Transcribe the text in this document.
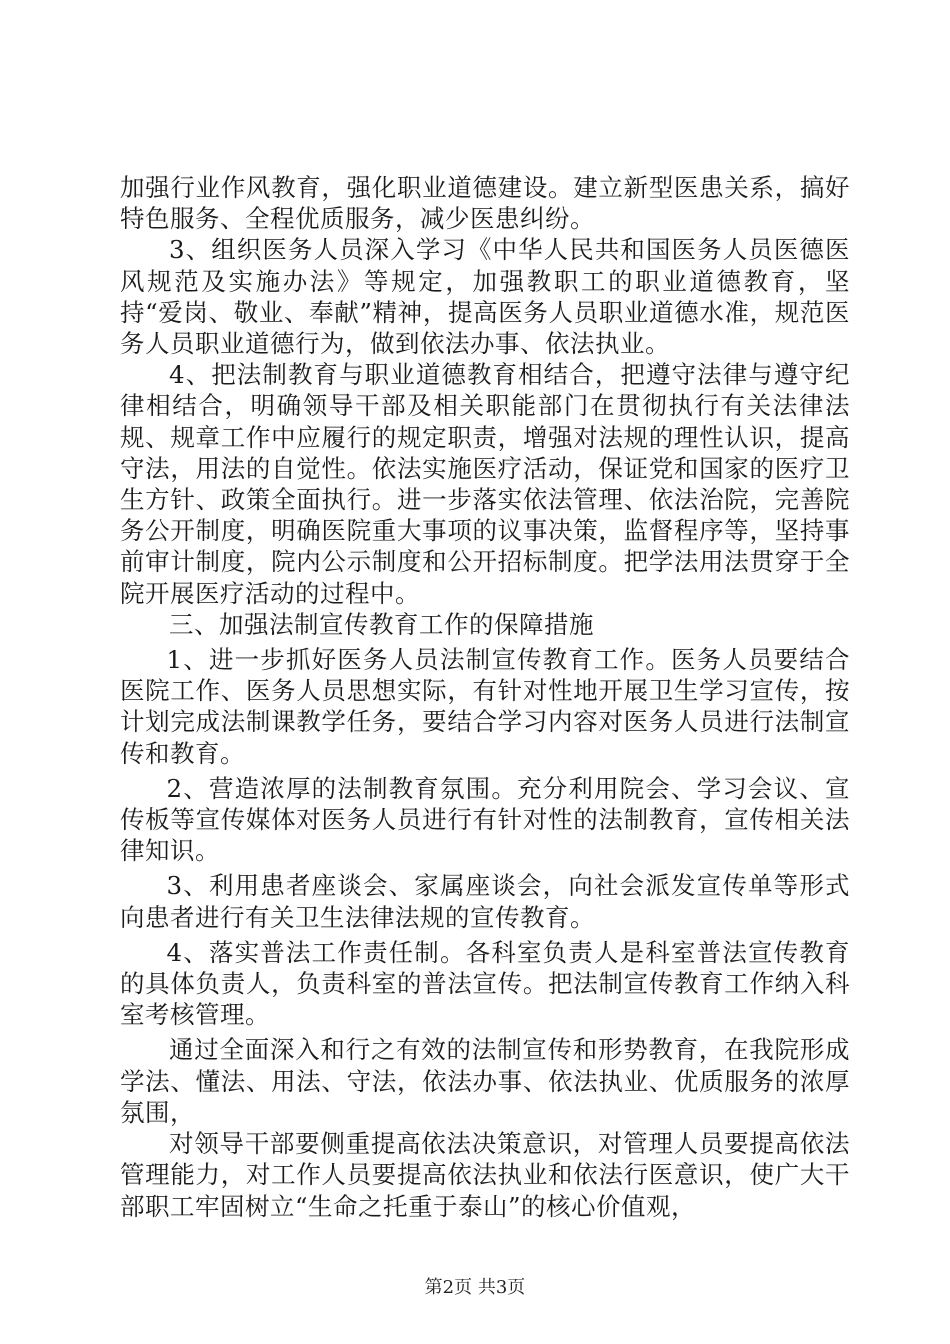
加强行业作风教育，强化职业道德建设。建立新型医患关系，搞好特色服务、全程优质服务，减少医患纠纷。

3、组织医务人员深入学习《中华人民共和国医务人员医德医风规范及实施办法》等规定，加强教职工的职业道德教育，坚持“爱岗、敬业、奉献”精神，提高医务人员职业道德水准，规范医务人员职业道德行为，做到依法办事、依法执业。

4、把法制教育与职业道德教育相结合，把遵守法律与遵守纪律相结合，明确领导干部及相关职能部门在贯彻执行有关法律法规、规章工作中应履行的规定职责，增强对法规的理性认识，提高守法，用法的自觉性。依法实施医疗活动，保证党和国家的医疗卫生方针、政策全面执行。进一步落实依法管理、依法治院，完善院务公开制度，明确医院重大事项的议事决策，监督程序等，坚持事前审计制度，院内公示制度和公开招标制度。把学法用法贯穿于全院开展医疗活动的过程中。

三、加强法制宣传教育工作的保障措施

1、进一步抓好医务人员法制宣传教育工作。医务人员要结合医院工作、医务人员思想实际，有针对性地开展卫生学习宣传，按计划完成法制课教学任务，要结合学习内容对医务人员进行法制宣传和教育。

2、营造浓厚的法制教育氛围。充分利用院会、学习会议、宣传板等宣传媒体对医务人员进行有针对性的法制教育，宣传相关法律知识。

3、利用患者座谈会、家属座谈会，向社会派发宣传单等形式向患者进行有关卫生法律法规的宣传教育。

4、落实普法工作责任制。各科室负责人是科室普法宣传教育的具体负责人，负责科室的普法宣传。把法制宣传教育工作纳入科室考核管理。

通过全面深入和行之有效的法制宣传和形势教育，在我院形成学法、懂法、用法、守法，依法办事、依法执业、优质服务的浓厚氛围，

对领导干部要侧重提高依法决策意识，对管理人员要提高依法管理能力，对工作人员要提高依法执业和依法行医意识，使广大干部职工牢固树立“生命之托重于泰山”的核心价值观，

第2页 共3页
